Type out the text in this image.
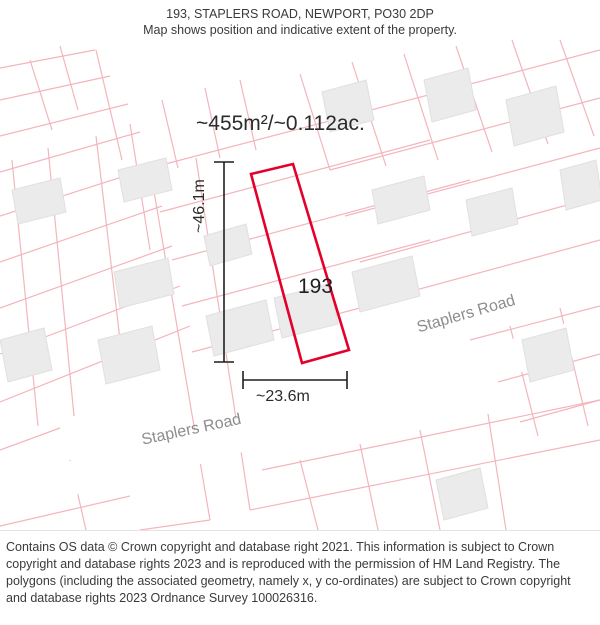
193, STAPLERS ROAD, NEWPORT, PO30 2DP
Map shows position and indicative extent of the property.
~455m²/~0.112ac.
~46.1m
~23.6m
193
Staplers Road
Staplers Road

Contains OS data © Crown copyright and database right 2021. This information is subject to Crown copyright and database rights 2023 and is reproduced with the permission of HM Land Registry. The polygons (including the associated geometry, namely x, y co-ordinates) are subject to Crown copyright and database rights 2023 Ordnance Survey 100026316.
